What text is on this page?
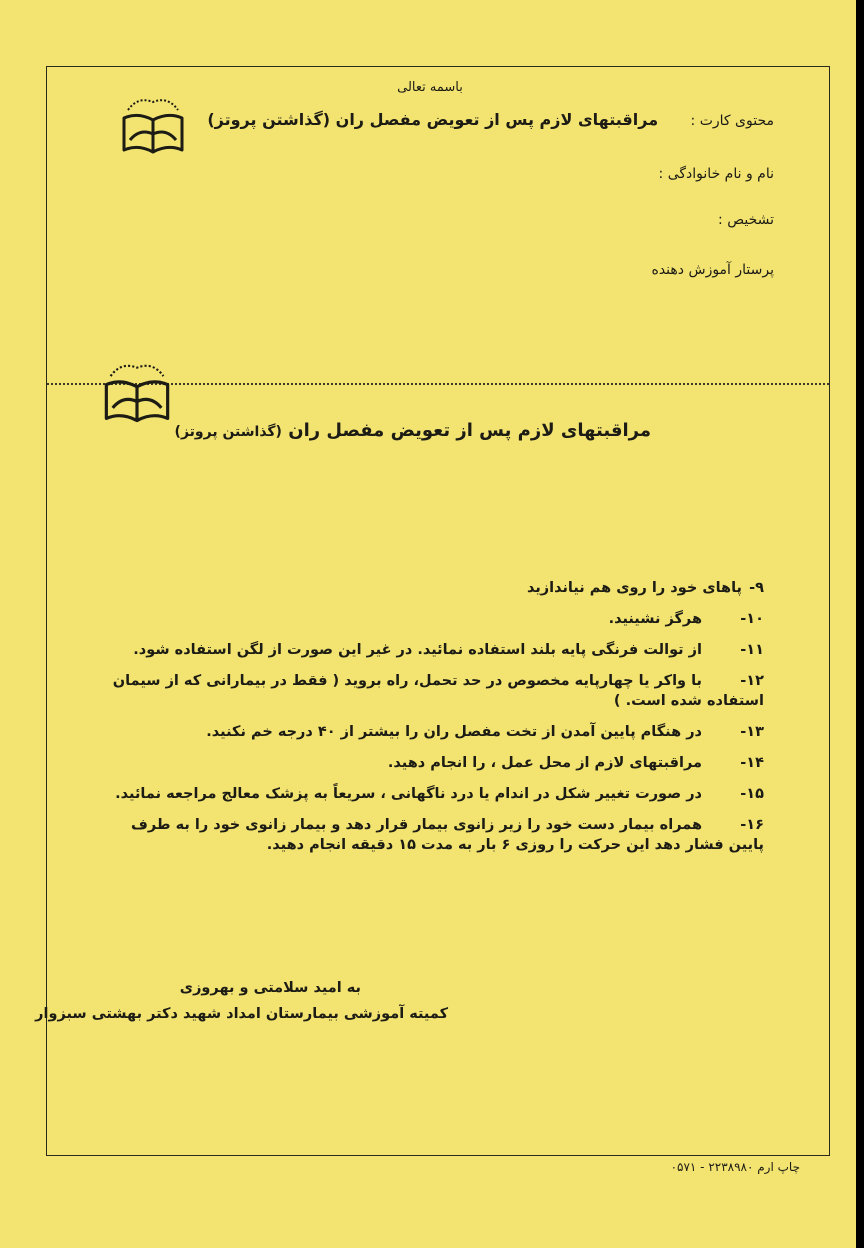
باسمه تعالی
محتوی کارت : مراقبتهای لازم پس از تعویض مفصل ران (گذاشتن پروتز)
نام و نام خانوادگی :
تشخیص :
پرستار آموزش دهنده
مراقبتهای لازم پس از تعویض مفصل ران (گذاشتن پروتز)
۹-
پاهای خود را روی هم نیاندازید
۱۰-
هرگز نشینید.
۱۱-
از توالت فرنگی پایه بلند استفاده نمائید. در غیر این صورت از لگن استفاده شود.
۱۲-
با واکر یا چهارپایه مخصوص در حد تحمل، راه بروید ( فقط در بیمارانی که از سیمان استفاده شده است. )
۱۳-
در هنگام پایین آمدن از تخت مفصل ران را بیشتر از ۴۰ درجه خم نکنید.
۱۴-
مراقبتهای لازم از محل عمل ، را انجام دهید.
۱۵-
در صورت تغییر شکل در اندام یا درد ناگهانی ، سریعاً به پزشک معالج مراجعه نمائید.
۱۶-
همراه بیمار دست خود را زیر زانوی بیمار قرار دهد و بیمار زانوی خود را به طرف پایین فشار دهد این حرکت را روزی ۶ بار به مدت ۱۵ دقیقه انجام دهید.
به امید سلامتی و بهروزی
کمیته آموزشی بیمارستان امداد شهید دکتر بهشتی سبزوار
چاپ ارم ۲۲۳۸۹۸۰ - ۰۵۷۱
